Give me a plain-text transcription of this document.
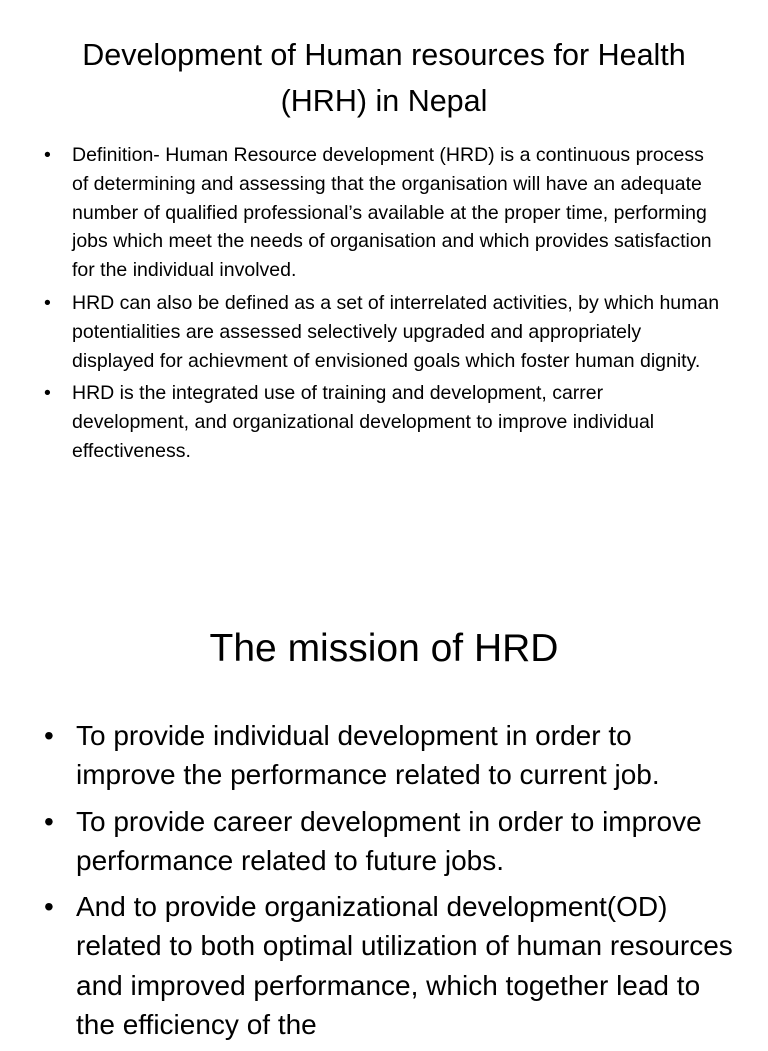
Development of Human resources for Health (HRH) in Nepal
• Definition- Human Resource development (HRD) is a continuous process of determining and assessing that the organisation will have an adequate number of qualified professional’s available at the proper time, performing jobs which meet the needs of organisation and which provides satisfaction for the individual involved.
• HRD can also be defined as a set of interrelated activities, by which human potentialities are assessed selectively upgraded and appropriately displayed for achievment of envisioned goals which foster human dignity.
• HRD is the integrated use of training and development, carrer development, and organizational development to improve individual effectiveness.
The mission of HRD
• To provide individual development in order to improve the performance related to current job.
• To provide career development in order to improve performance related to future jobs.
• And to provide organizational development(OD) related to both optimal utilization of human resources and improved performance, which together lead to the efficiency of the
